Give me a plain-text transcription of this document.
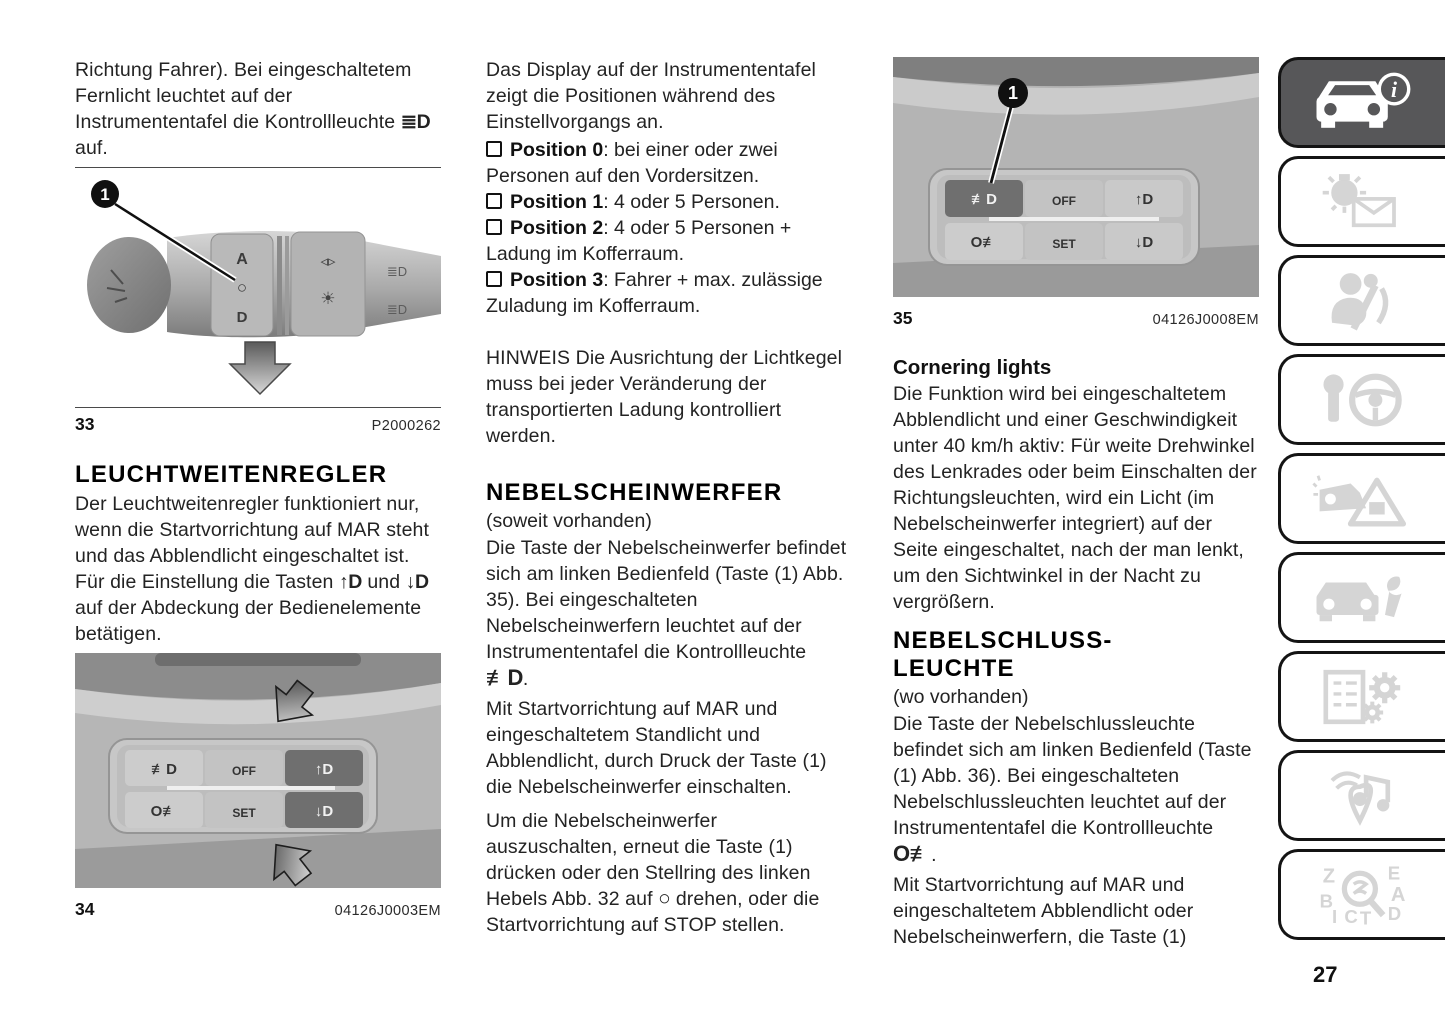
Richtung Fahrer). Bei eingeschaltetem Fernlicht leuchtet auf der Instrumententafel die Kontrollleuchte ≣D auf.

A
○
D
◃▹
☀
≣D
≣D
1
33	P2000262
LEUCHTWEITENREGLER

Der Leuchtweitenregler funktioniert nur, wenn die Startvorrichtung auf MAR steht und das Abblendlicht eingeschaltet ist. Für die Einstellung die Tasten ↑D und ↓D auf der Abdeckung der Bedienelemente betätigen.

≢D	OFF	↑D
O≢	SET	↓D
34	04126J0003EM

Das Display auf der Instrumententafel zeigt die Positionen während des Einstellvorgangs an.

Position 0: bei einer oder zwei Personen auf den Vordersitzen.

Position 1: 4 oder 5 Personen.

Position 2: 4 oder 5 Personen + Ladung im Kofferraum.

Position 3: Fahrer + max. zulässige Zuladung im Kofferraum.

HINWEIS Die Ausrichtung der Lichtkegel muss bei jeder Veränderung der transportierten Ladung kontrolliert werden.

NEBELSCHEINWERFER

(soweit vorhanden)

Die Taste der Nebelscheinwerfer befindet sich am linken Bedienfeld (Taste (1) Abb. 35). Bei eingeschalteten Nebelscheinwerfern leuchtet auf der Instrumententafel die Kontrollleuchte
≢D.

Mit Startvorrichtung auf MAR und eingeschaltetem Standlicht und Abblendlicht, durch Druck der Taste (1) die Nebelscheinwerfer einschalten.

Um die Nebelscheinwerfer auszuschalten, erneut die Taste (1) drücken oder den Stellring des linken Hebels Abb. 32 auf ○ drehen, oder die Startvorrichtung auf STOP stellen.

≢D	OFF	↑D
O≢	SET	↓D
1
35	04126J0008EM
Cornering lights

Die Funktion wird bei eingeschaltetem Abblendlicht und einer Geschwindigkeit unter 40 km/h aktiv: Für weite Drehwinkel des Lenkrades oder beim Einschalten der Richtungsleuchten, wird ein Licht (im Nebelscheinwerfer integriert) auf der Seite eingeschaltet, nach der man lenkt, um den Sichtwinkel in der Nacht zu vergrößern.

NEBELSCHLUSS-
LEUCHTE

(wo vorhanden)

Die Taste der Nebelschlussleuchte befindet sich am linken Bedienfeld (Taste (1) Abb. 36). Bei eingeschalteten Nebelschlussleuchten leuchtet auf der Instrumententafel die Kontrollleuchte
O≢.

Mit Startvorrichtung auf MAR und eingeschaltetem Abblendlicht oder Nebelscheinwerfern, die Taste (1)

i
Z	E
B	A
I C T D
27
